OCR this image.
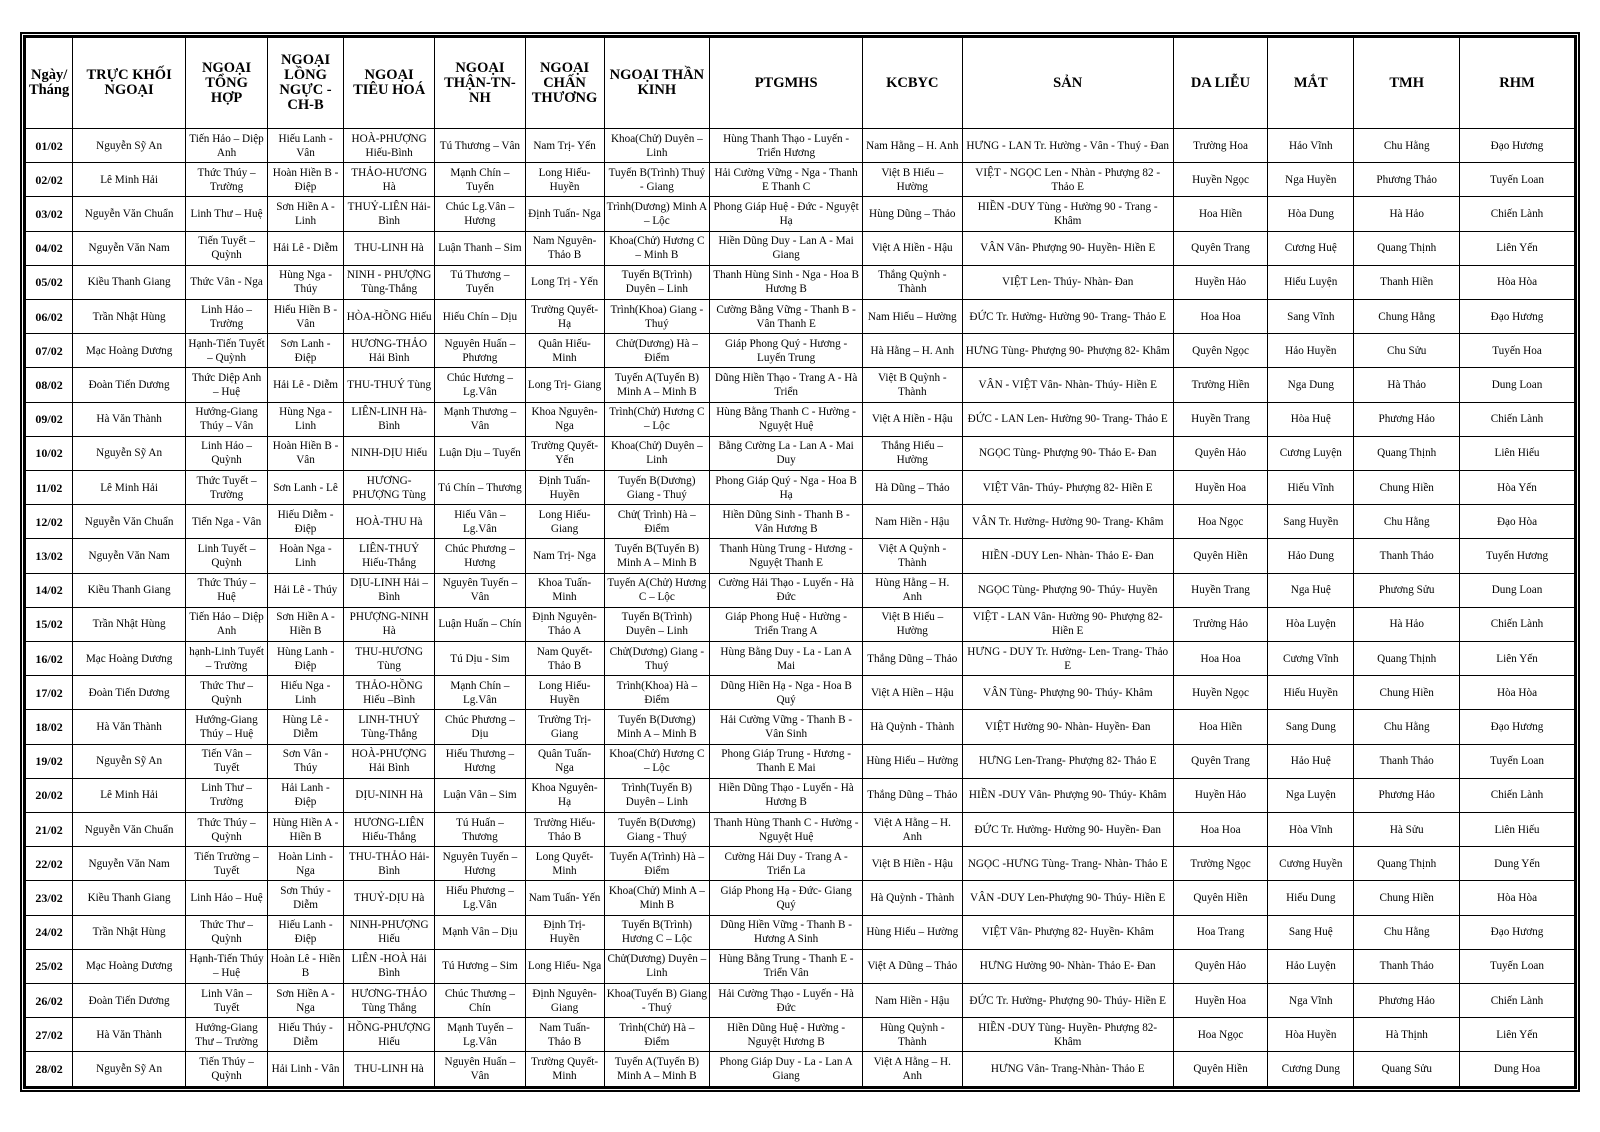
Ngày/ Tháng	TRỰC KHỐI NGOẠI	NGOẠI TỔNG HỢP	NGOẠI LỒNG NGỰC -CH-B	NGOẠI TIÊU HOÁ	NGOẠI THẬN-TN-NH	NGOẠI CHẤN THƯƠNG	NGOẠI THẦN KINH	PTGMHS	KCBYC	SẢN	DA LIỄU	MẮT	TMH	RHM
01/02	Nguyễn Sỹ An	Tiến Hảo – Diệp Anh	Hiếu Lanh - Vân	HOÀ-PHƯỢNG Hiếu-Bình	Tú Thương – Vân	Nam Trị- Yến	Khoa(Chử) Duyên – Linh	Hùng Thanh Thạo - Luyến - Triển Hương	Nam Hằng – H. Anh	HƯNG - LAN Tr. Hường - Vân - Thuý - Đan	Trường Hoa	Hảo Vĩnh	Chu Hằng	Đạo Hương
02/02	Lê Minh Hải	Thức Thúy – Trường	Hoàn Hiền B - Điệp	THẢO-HƯƠNG Hà	Mạnh Chín – Tuyến	Long Hiếu- Huyền	Tuyến B(Trình) Thuý - Giang	Hải Cường Vững - Nga - Thanh E Thanh C	Việt B Hiếu – Hường	VIỆT - NGỌC Len - Nhàn - Phượng 82 - Thảo E	Huyền Ngọc	Nga Huyền	Phương Thảo	Tuyến Loan
03/02	Nguyễn Văn Chuẩn	Linh Thư – Huệ	Sơn Hiền A - Linh	THUỶ-LIÊN Hải-Bình	Chúc Lg.Vân – Hương	Định Tuấn- Nga	Trình(Dương) Minh A – Lộc	Phong Giáp Huệ - Đức - Nguyệt Hạ	Hùng Dũng – Thảo	HIỀN -DUY Tùng - Hường 90 - Trang - Khâm	Hoa Hiền	Hòa Dung	Hà Hảo	Chiến Lành
04/02	Nguyễn Văn Nam	Tiến Tuyết – Quỳnh	Hải Lê - Diễm	THU-LINH Hà	Luận Thanh – Sim	Nam Nguyên- Thảo B	Khoa(Chử) Hương C – Minh B	Hiền Dũng Duy - Lan A - Mai Giang	Việt A Hiền - Hậu	VÂN Vân- Phượng 90- Huyền- Hiền E	Quyên Trang	Cương Huệ	Quang Thịnh	Liên Yến
05/02	Kiều Thanh Giang	Thức Vân - Nga	Hùng Nga - Thúy	NINH - PHƯỢNG Tùng-Thắng	Tú Thương – Tuyến	Long Trị - Yến	Tuyến B(Trình) Duyên – Linh	Thanh Hùng Sinh - Nga - Hoa B Hương B	Thắng Quỳnh - Thành	VIỆT Len- Thúy- Nhàn- Đan	Huyền Hảo	Hiếu Luyện	Thanh Hiền	Hòa Hòa
06/02	Trần Nhật Hùng	Linh Hảo – Trường	Hiếu Hiền B - Vân	HÒA-HỒNG Hiếu	Hiếu Chín – Dịu	Trường Quyết- Hạ	Trình(Khoa) Giang - Thuý	Cường Bằng Vững - Thanh B - Vân Thanh E	Nam Hiếu – Hường	ĐỨC Tr. Hường- Hường 90- Trang- Thảo E	Hoa Hoa	Sang Vĩnh	Chung Hằng	Đạo Hương
07/02	Mạc Hoàng Dương	Hạnh-Tiến Tuyết – Quỳnh	Sơn Lanh - Điệp	HƯƠNG-THẢO Hải Bình	Nguyên Huấn – Phương	Quân Hiếu- Minh	Chử(Dương) Hà – Điểm	Giáp Phong Quý - Hương - Luyến Trung	Hà Hằng – H. Anh	HƯNG Tùng- Phượng 90- Phượng 82- Khâm	Quyên Ngọc	Hảo Huyền	Chu Sửu	Tuyến Hoa
08/02	Đoàn Tiến Dương	Thức Diệp Anh – Huệ	Hải Lê - Diễm	THU-THUÝ Tùng	Chúc Hương – Lg.Vân	Long Trị- Giang	Tuyến A(Tuyến B) Minh A – Minh B	Dũng Hiền Thạo - Trang A - Hà Triển	Việt B Quỳnh - Thành	VÂN - VIỆT Vân- Nhàn- Thúy- Hiền E	Trường Hiền	Nga Dung	Hà Thảo	Dung Loan
09/02	Hà Văn Thành	Hướng-Giang Thúy – Vân	Hùng Nga - Linh	LIÊN-LINH Hà-Bình	Mạnh Thương – Vân	Khoa Nguyên- Nga	Trình(Chử) Hương C – Lộc	Hùng Bằng Thanh C - Hường - Nguyệt Huệ	Việt A Hiền - Hậu	ĐỨC - LAN Len- Hường 90- Trang- Thảo E	Huyền Trang	Hòa Huệ	Phương Hảo	Chiến Lành
10/02	Nguyễn Sỹ An	Linh Hảo – Quỳnh	Hoàn Hiền B - Vân	NINH-DỊU Hiếu	Luận Dịu – Tuyến	Trường Quyết- Yến	Khoa(Chử) Duyên – Linh	Bằng Cường La - Lan A - Mai Duy	Thắng Hiếu – Hường	NGỌC Tùng- Phượng 90- Thảo E- Đan	Quyên Hảo	Cương Luyện	Quang Thịnh	Liên Hiếu
11/02	Lê Minh Hải	Thức Tuyết – Trường	Sơn Lanh - Lê	HƯƠNG-PHƯỢNG Tùng	Tú Chín – Thương	Định Tuấn- Huyền	Tuyến B(Dương) Giang - Thuý	Phong Giáp Quý - Nga - Hoa B Hạ	Hà Dũng – Thảo	VIỆT Vân- Thúy- Phượng 82- Hiền E	Huyền Hoa	Hiếu Vĩnh	Chung Hiền	Hòa Yến
12/02	Nguyễn Văn Chuẩn	Tiến Nga - Vân	Hiếu Diễm - Điệp	HOÀ-THU Hà	Hiếu Vân – Lg.Vân	Long Hiếu- Giang	Chử( Trình) Hà – Điểm	Hiền Dũng Sinh - Thanh B - Vân Hương B	Nam Hiền - Hậu	VÂN Tr. Hường- Hường 90- Trang- Khâm	Hoa Ngọc	Sang Huyền	Chu Hằng	Đạo Hòa
13/02	Nguyễn Văn Nam	Linh Tuyết – Quỳnh	Hoàn Nga - Linh	LIÊN-THUỶ Hiếu-Thắng	Chúc Phương – Hương	Nam Trị- Nga	Tuyến B(Tuyến B) Minh A – Minh B	Thanh Hùng Trung - Hương - Nguyệt Thanh E	Việt A Quỳnh - Thành	HIỀN -DUY Len- Nhàn- Thảo E- Đan	Quyên Hiền	Hảo Dung	Thanh Thảo	Tuyến Hương
14/02	Kiều Thanh Giang	Thức Thúy – Huệ	Hải Lê - Thúy	DỊU-LINH Hải – Bình	Nguyên Tuyến – Vân	Khoa Tuấn- Minh	Tuyến A(Chử) Hương C – Lộc	Cường Hải Thạo - Luyến - Hà Đức	Hùng Hằng – H. Anh	NGỌC Tùng- Phượng 90- Thúy- Huyền	Huyền Trang	Nga Huệ	Phương Sửu	Dung Loan
15/02	Trần Nhật Hùng	Tiến Hảo – Diệp Anh	Sơn Hiền A - Hiền B	PHƯỢNG-NINH Hà	Luận Huấn – Chín	Định Nguyên- Thảo A	Tuyến B(Trình) Duyên – Linh	Giáp Phong Huệ - Hường - Triển Trang A	Việt B Hiếu – Hường	VIỆT - LAN Vân- Hường 90- Phượng 82- Hiền E	Trường Hảo	Hòa Luyện	Hà Hảo	Chiến Lành
16/02	Mạc Hoàng Dương	hạnh-Linh Tuyết – Trường	Hùng Lanh - Điệp	THU-HƯƠNG Tùng	Tú Dịu - Sim	Nam Quyết- Thảo B	Chử(Dương) Giang - Thuý	Hùng Bằng Duy - La - Lan A Mai	Thắng Dũng – Thảo	HƯNG - DUY Tr. Hường- Len- Trang- Thảo E	Hoa Hoa	Cương Vĩnh	Quang Thịnh	Liên Yến
17/02	Đoàn Tiến Dương	Thức Thư – Quỳnh	Hiếu Nga - Linh	THẢO-HỒNG Hiếu –Bình	Mạnh Chín – Lg.Vân	Long Hiếu- Huyền	Trình(Khoa) Hà – Điểm	Dũng Hiền Hạ - Nga - Hoa B Quý	Việt A Hiền – Hậu	VÂN Tùng- Phượng 90- Thúy- Khâm	Huyền Ngọc	Hiếu Huyền	Chung Hiền	Hòa Hòa
18/02	Hà Văn Thành	Hướng-Giang Thúy – Huệ	Hùng Lê - Diễm	LINH-THUỶ Tùng-Thắng	Chúc Phương – Dịu	Trường Trị- Giang	Tuyến B(Dương) Minh A – Minh B	Hải Cường Vững - Thanh B - Vân Sinh	Hà Quỳnh - Thành	VIỆT Hường 90- Nhàn- Huyền- Đan	Hoa Hiền	Sang Dung	Chu Hằng	Đạo Hương
19/02	Nguyễn Sỹ An	Tiến Vân – Tuyết	Sơn Vân - Thúy	HOÀ-PHƯỢNG Hải Bình	Hiếu Thương – Hương	Quân Tuấn- Nga	Khoa(Chử) Hương C – Lộc	Phong Giáp Trung - Hương - Thanh E Mai	Hùng Hiếu – Hường	HƯNG Len-Trang- Phượng 82- Thảo E	Quyên Trang	Hảo Huệ	Thanh Thảo	Tuyến Loan
20/02	Lê Minh Hải	Linh Thư – Trường	Hải Lanh - Điệp	DỊU-NINH Hà	Luận Vân – Sim	Khoa Nguyên- Hạ	Trình(Tuyến B) Duyên – Linh	Hiền Dũng Thạo - Luyến - Hà Hương B	Thắng Dũng – Thảo	HIỀN -DUY Vân- Phượng 90- Thúy- Khâm	Huyền Hảo	Nga Luyện	Phương Hảo	Chiến Lành
21/02	Nguyễn Văn Chuẩn	Thức Thúy – Quỳnh	Hùng Hiền A - Hiền B	HƯƠNG-LIÊN Hiếu-Thắng	Tú Huấn – Thương	Trường Hiếu- Thảo B	Tuyến B(Dương) Giang - Thuý	Thanh Hùng Thanh C - Hường - Nguyệt Huệ	Việt A Hằng – H. Anh	ĐỨC Tr. Hường- Hường 90- Huyền- Đan	Hoa Hoa	Hòa Vĩnh	Hà Sửu	Liên Hiếu
22/02	Nguyễn Văn Nam	Tiến Trường – Tuyết	Hoàn Linh - Nga	THU-THẢO Hải-Bình	Nguyên Tuyến – Hương	Long Quyết- Minh	Tuyến A(Trình) Hà – Điểm	Cường Hải Duy - Trang A - Triển La	Việt B Hiền - Hậu	NGỌC -HƯNG Tùng- Trang- Nhàn- Thảo E	Trường Ngọc	Cương Huyền	Quang Thịnh	Dung Yến
23/02	Kiều Thanh Giang	Linh Hảo – Huệ	Sơn Thúy - Diễm	THUỶ-DỊU Hà	Hiếu Phương – Lg.Vân	Nam Tuấn- Yến	Khoa(Chử) Minh A – Minh B	Giáp Phong Hạ - Đức- Giang Quý	Hà Quỳnh - Thành	VÂN -DUY Len-Phượng 90- Thúy- Hiền E	Quyên Hiền	Hiếu Dung	Chung Hiền	Hòa Hòa
24/02	Trần Nhật Hùng	Thức Thư – Quỳnh	Hiếu Lanh - Điệp	NINH-PHƯỢNG Hiếu	Mạnh Vân – Dịu	Định Trị- Huyền	Tuyến B(Trình) Hương C – Lộc	Dũng Hiền Vững - Thanh B - Hương A Sinh	Hùng Hiếu – Hường	VIỆT Vân- Phượng 82- Huyền- Khâm	Hoa Trang	Sang Huệ	Chu Hằng	Đạo Hương
25/02	Mạc Hoàng Dương	Hạnh-Tiến Thúy – Huệ	Hoàn Lê - Hiền B	LIÊN -HOÀ Hải Bình	Tú Hương – Sim	Long Hiếu- Nga	Chử(Dương) Duyên – Linh	Hùng Bằng Trung - Thanh E - Triển Vân	Việt A Dũng – Thảo	HƯNG Hường 90- Nhàn- Thảo E- Đan	Quyên Hảo	Hảo Luyện	Thanh Thảo	Tuyến Loan
26/02	Đoàn Tiến Dương	Linh Vân – Tuyết	Sơn Hiền A - Nga	HƯƠNG-THẢO Tùng Thắng	Chúc Thương – Chín	Định Nguyên- Giang	Khoa(Tuyến B) Giang - Thuý	Hải Cường Thạo - Luyến - Hà Đức	Nam Hiền - Hậu	ĐỨC Tr. Hường- Phượng 90- Thúy- Hiền E	Huyền Hoa	Nga Vĩnh	Phương Hảo	Chiến Lành
27/02	Hà Văn Thành	Hướng-Giang Thư – Trường	Hiếu Thúy - Diễm	HỒNG-PHƯỢNG Hiếu	Mạnh Tuyến – Lg.Vân	Nam Tuấn- Thảo B	Trình(Chử) Hà – Điểm	Hiền Dũng Huệ - Hường - Nguyệt Hương B	Hùng Quỳnh - Thành	HIỀN -DUY Tùng- Huyền- Phượng 82- Khâm	Hoa Ngọc	Hòa Huyền	Hà Thịnh	Liên Yến
28/02	Nguyễn Sỹ An	Tiến Thúy – Quỳnh	Hải Linh - Vân	THU-LINH Hà	Nguyên Huấn – Vân	Trường Quyết- Minh	Tuyến A(Tuyến B) Minh A – Minh B	Phong Giáp Duy - La - Lan A Giang	Việt A Hằng – H. Anh	HƯNG Vân- Trang-Nhàn- Thảo E	Quyên Hiền	Cương Dung	Quang Sửu	Dung Hoa
